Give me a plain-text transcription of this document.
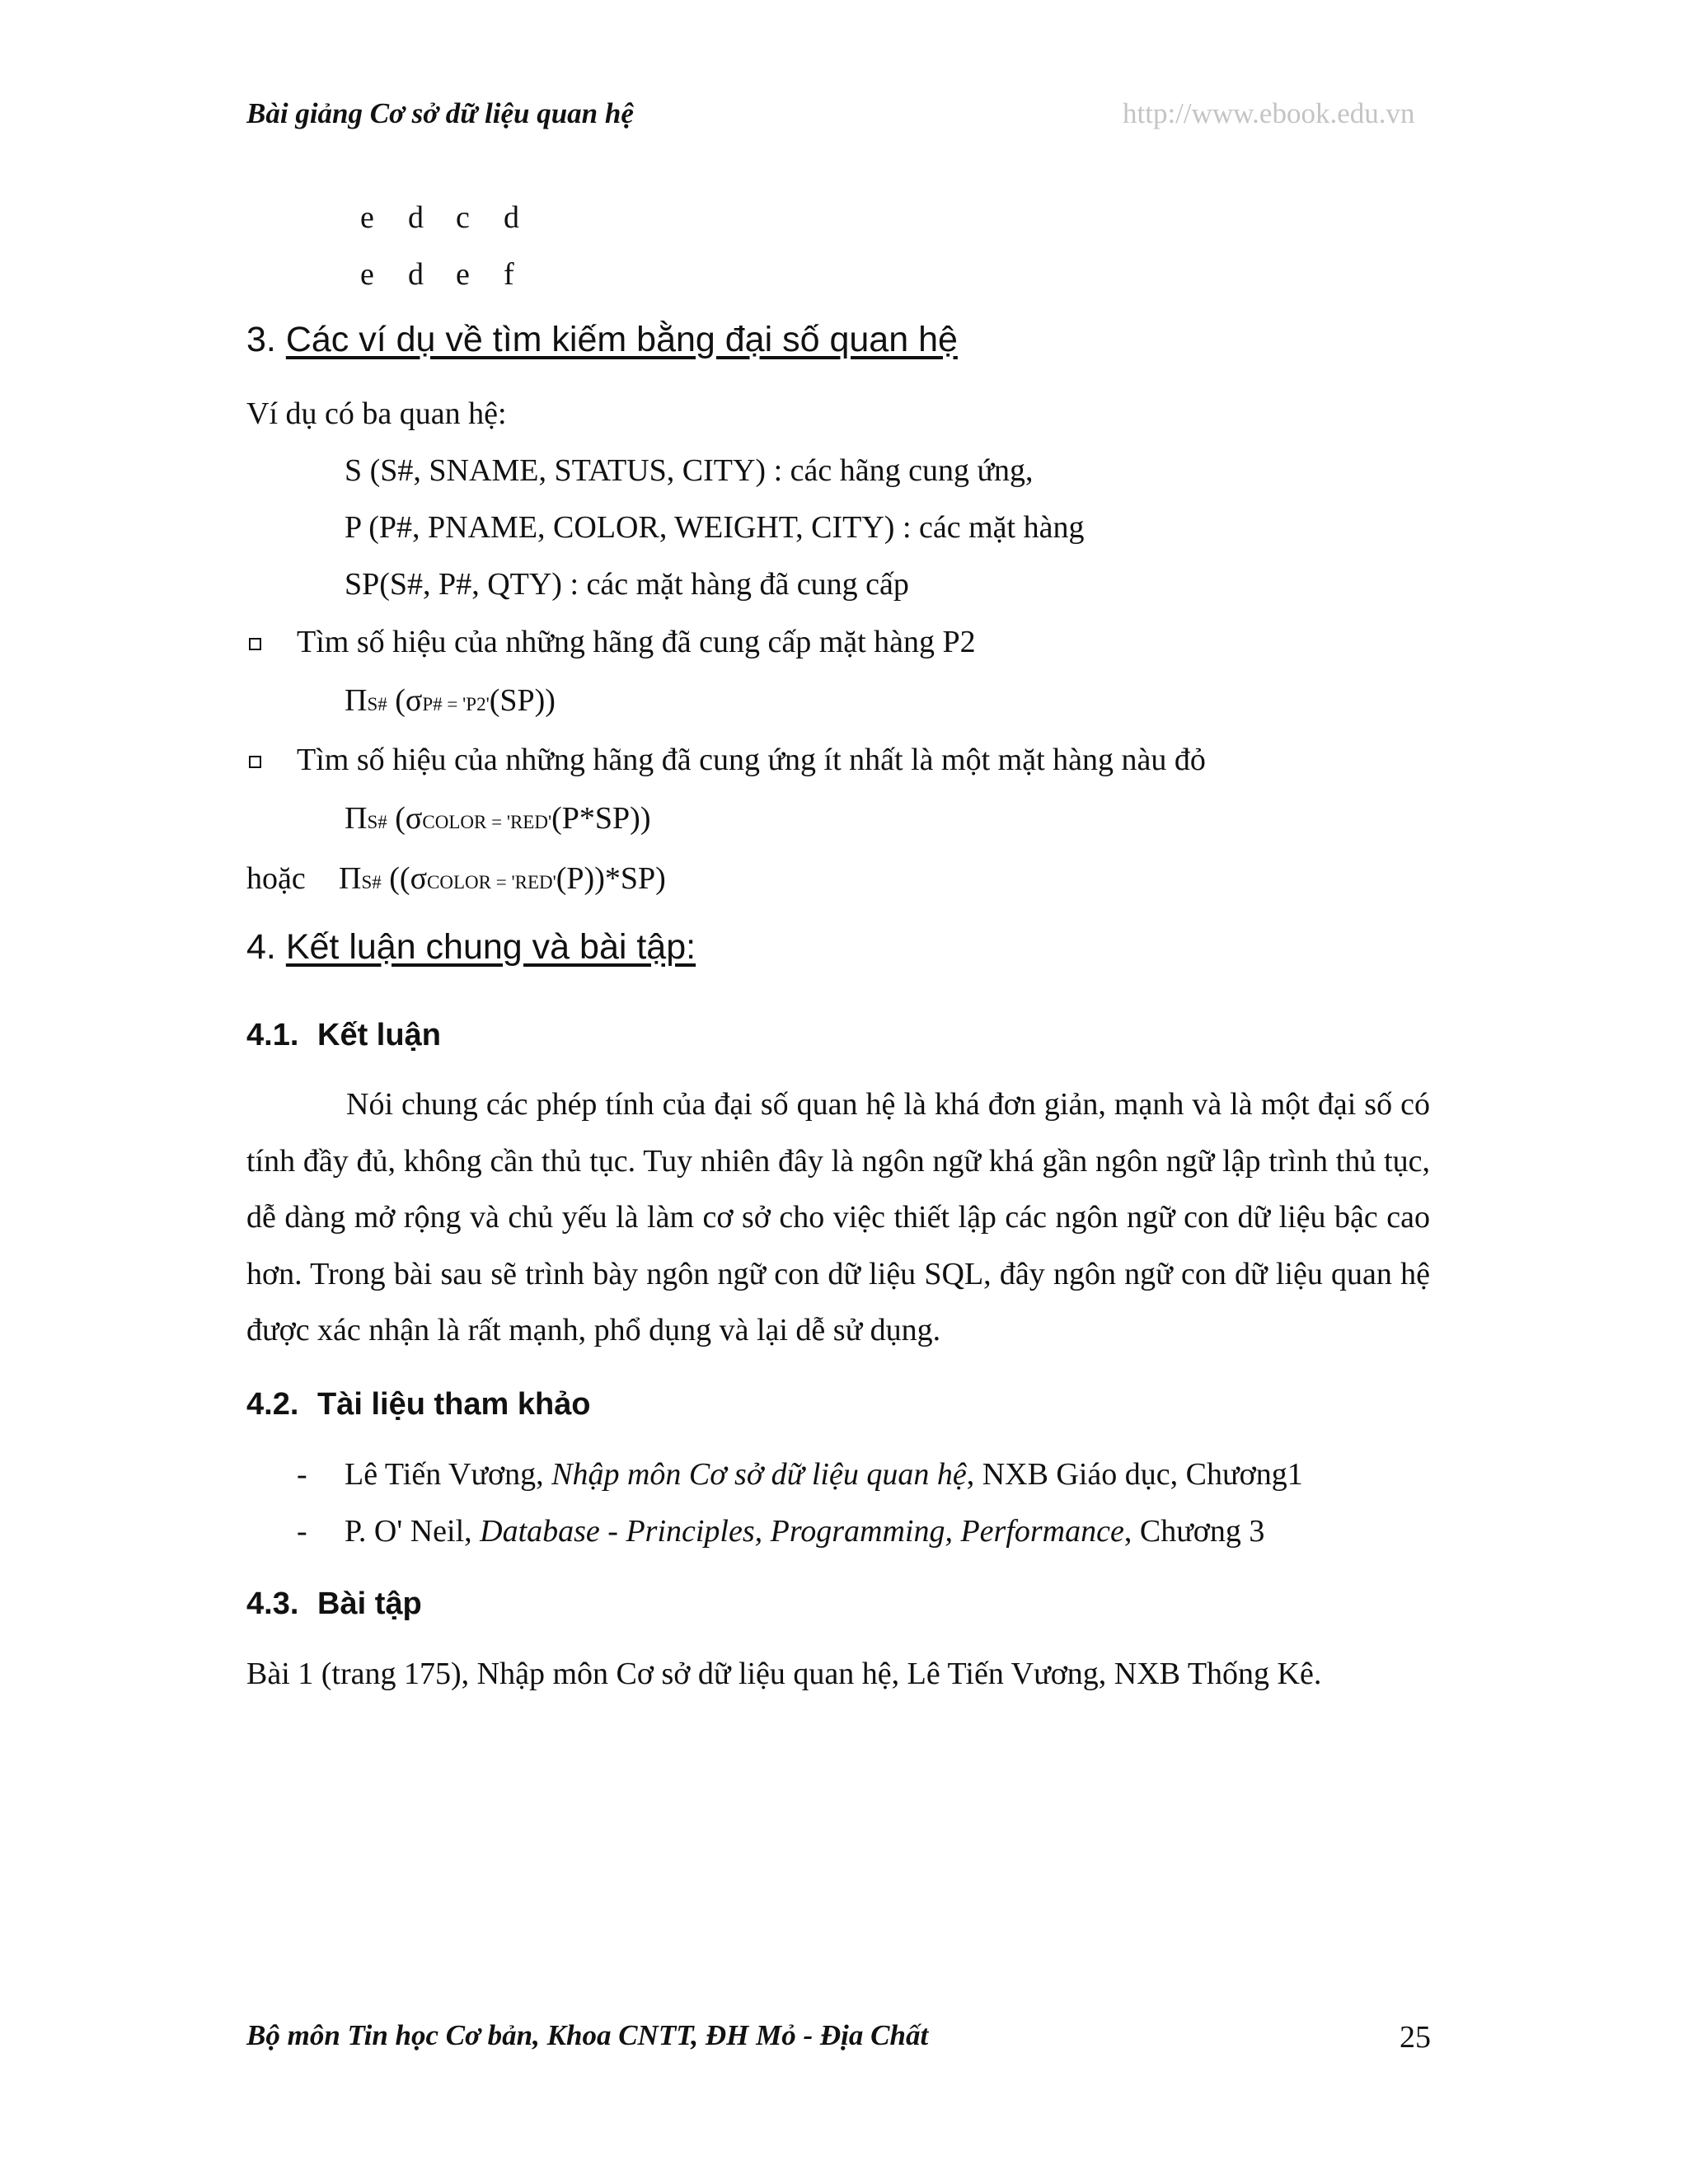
Bài giảng Cơ sở dữ liệu quan hệ	http://www.ebook.edu.vn
e d c d
e d e f
3. Các ví dụ về tìm kiếm bằng đại số quan hệ
Ví dụ có ba quan hệ:
S (S#, SNAME, STATUS, CITY) : các hãng cung ứng,
P (P#, PNAME, COLOR, WEIGHT, CITY) : các mặt hàng
SP(S#, P#, QTY) : các mặt hàng đã cung cấp
Tìm số hiệu của những hãng đã cung cấp mặt hàng P2
ΠS# (σP# = 'P2'(SP))
Tìm số hiệu của những hãng đã cung ứng ít nhất là một mặt hàng nàu đỏ
ΠS# (σCOLOR = 'RED'(P*SP))
hoặc ΠS# ((σCOLOR = 'RED'(P))*SP)
4. Kết luận chung và bài tập:
4.1. Kết luận

Nói chung các phép tính của đại số quan hệ là khá đơn giản, mạnh và là một đại số có tính đầy đủ, không cần thủ tục. Tuy nhiên đây là ngôn ngữ khá gần ngôn ngữ lập trình thủ tục, dễ dàng mở rộng và chủ yếu là làm cơ sở cho việc thiết lập các ngôn ngữ con dữ liệu bậc cao hơn. Trong bài sau sẽ trình bày ngôn ngữ con dữ liệu SQL, đây ngôn ngữ con dữ liệu quan hệ được xác nhận là rất mạnh, phổ dụng và lại dễ sử dụng.

4.2. Tài liệu tham khảo
- Lê Tiến Vương, Nhập môn Cơ sở dữ liệu quan hệ, NXB Giáo dục, Chương1
- P. O' Neil, Database - Principles, Programming, Performance, Chương 3
4.3. Bài tập
Bài 1 (trang 175), Nhập môn Cơ sở dữ liệu quan hệ, Lê Tiến Vương, NXB Thống Kê.
Bộ môn Tin học Cơ bản, Khoa CNTT, ĐH Mỏ - Địa Chất	25
